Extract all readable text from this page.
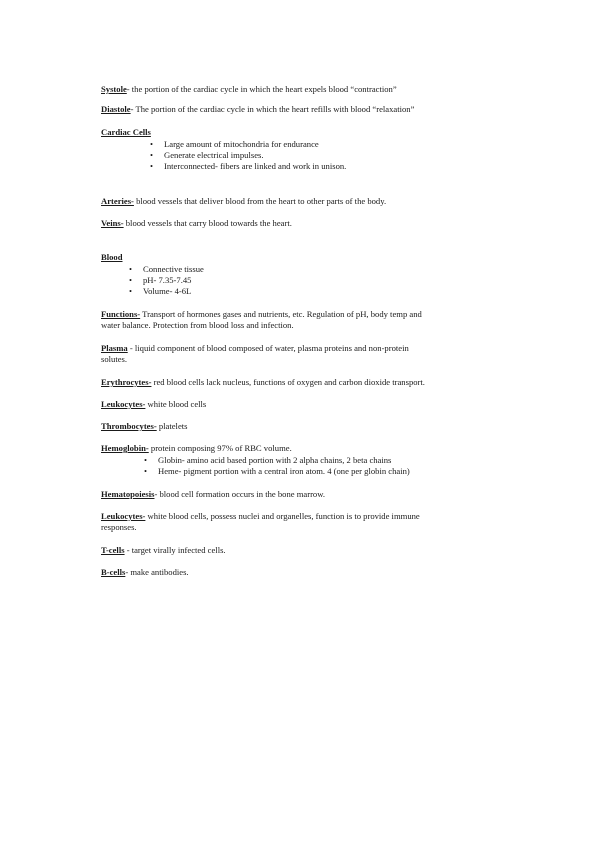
Systole- the portion of the cardiac cycle in which the heart expels blood “contraction”
Diastole- The portion of the cardiac cycle in which the heart refills with blood “relaxation”
Cardiac Cells
• Large amount of mitochondria for endurance
• Generate electrical impulses.
• Interconnected- fibers are linked and work in unison.
Arteries- blood vessels that deliver blood from the heart to other parts of the body.
Veins- blood vessels that carry blood towards the heart.
Blood
• Connective tissue
• pH- 7.35-7.45
• Volume- 4-6L
Functions- Transport of hormones gases and nutrients, etc. Regulation of pH, body temp and
water balance. Protection from blood loss and infection.
Plasma - liquid component of blood composed of water, plasma proteins and non-protein
solutes.
Erythrocytes- red blood cells lack nucleus, functions of oxygen and carbon dioxide transport.
Leukocytes- white blood cells
Thrombocytes- platelets
Hemoglobin- protein composing 97% of RBC volume.
• Globin- amino acid based portion with 2 alpha chains, 2 beta chains
• Heme- pigment portion with a central iron atom. 4 (one per globin chain)
Hematopoiesis- blood cell formation occurs in the bone marrow.
Leukocytes- white blood cells, possess nuclei and organelles, function is to provide immune
responses.
T-cells - target virally infected cells.
B-cells- make antibodies.
